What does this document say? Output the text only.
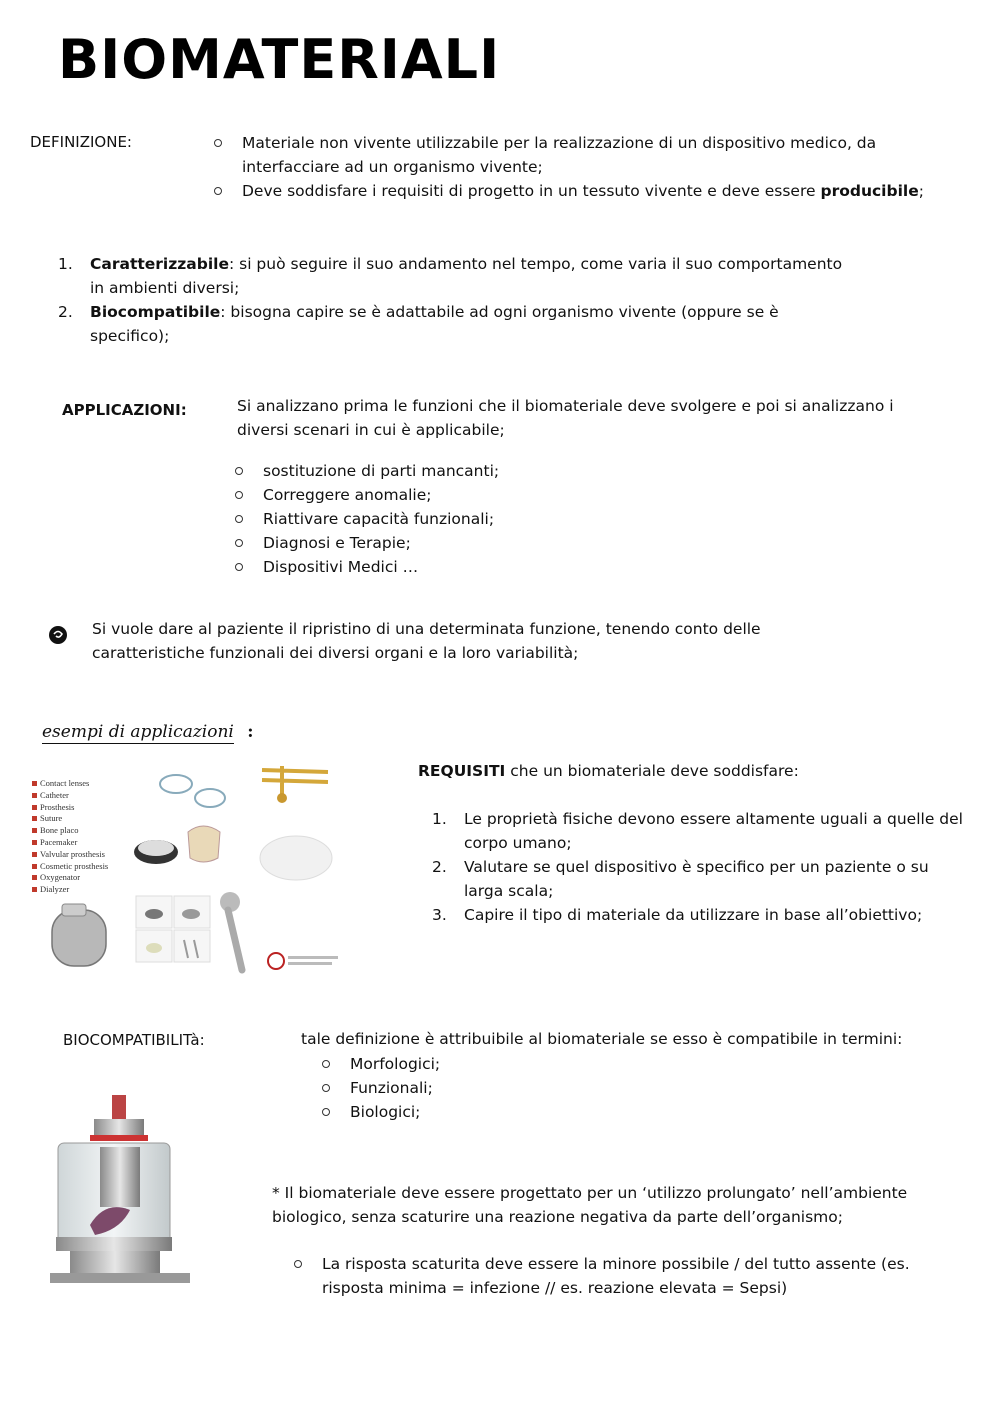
BIOMATERIALI
DEFINIZIONE:	Materiale non vivente utilizzabile per la realizzazione di un dispositivo medico, da interfacciare ad un organismo vivente;
Deve soddisfare i requisiti di progetto in un tessuto vivente e deve essere producibile;
1. Caratterizzabile: si può seguire il suo andamento nel tempo, come varia il suo comportamento in ambienti diversi;
2. Biocompatibile: bisogna capire se è adattabile ad ogni organismo vivente (oppure se è specifico);
APPLICAZIONI:	Si analizzano prima le funzioni che il biomateriale deve svolgere e poi si analizzano i diversi scenari in cui è applicabile;
sostituzione di parti mancanti;
Correggere anomalie;
Riattivare capacità funzionali;
Diagnosi e Terapie;
Dispositivi Medici …
Si vuole dare al paziente il ripristino di una determinata funzione, tenendo conto delle caratteristiche funzionali dei diversi organi e la loro variabilità;
esempi di applicazioni :
Contact lenses
Catheter
Prosthesis
Suture
Bone placo
Pacemaker
Valvular prosthesis
Cosmetic prosthesis
Oxygenator
Dialyzer
REQUISITI che un biomateriale deve soddisfare:
1. Le proprietà fisiche devono essere altamente uguali a quelle del corpo umano;
2. Valutare se quel dispositivo è specifico per un paziente o su larga scala;
3. Capire il tipo di materiale da utilizzare in base all’obiettivo;
BIOCOMPATIBILITà:	tale definizione è attribuibile al biomateriale se esso è compatibile in termini:
Morfologici;
Funzionali;
Biologici;
* Il biomateriale deve essere progettato per un ‘utilizzo prolungato’ nell’ambiente biologico, senza scaturire una reazione negativa da parte dell’organismo;
La risposta scaturita deve essere la minore possibile / del tutto assente (es. risposta minima = infezione // es. reazione elevata = Sepsi)
